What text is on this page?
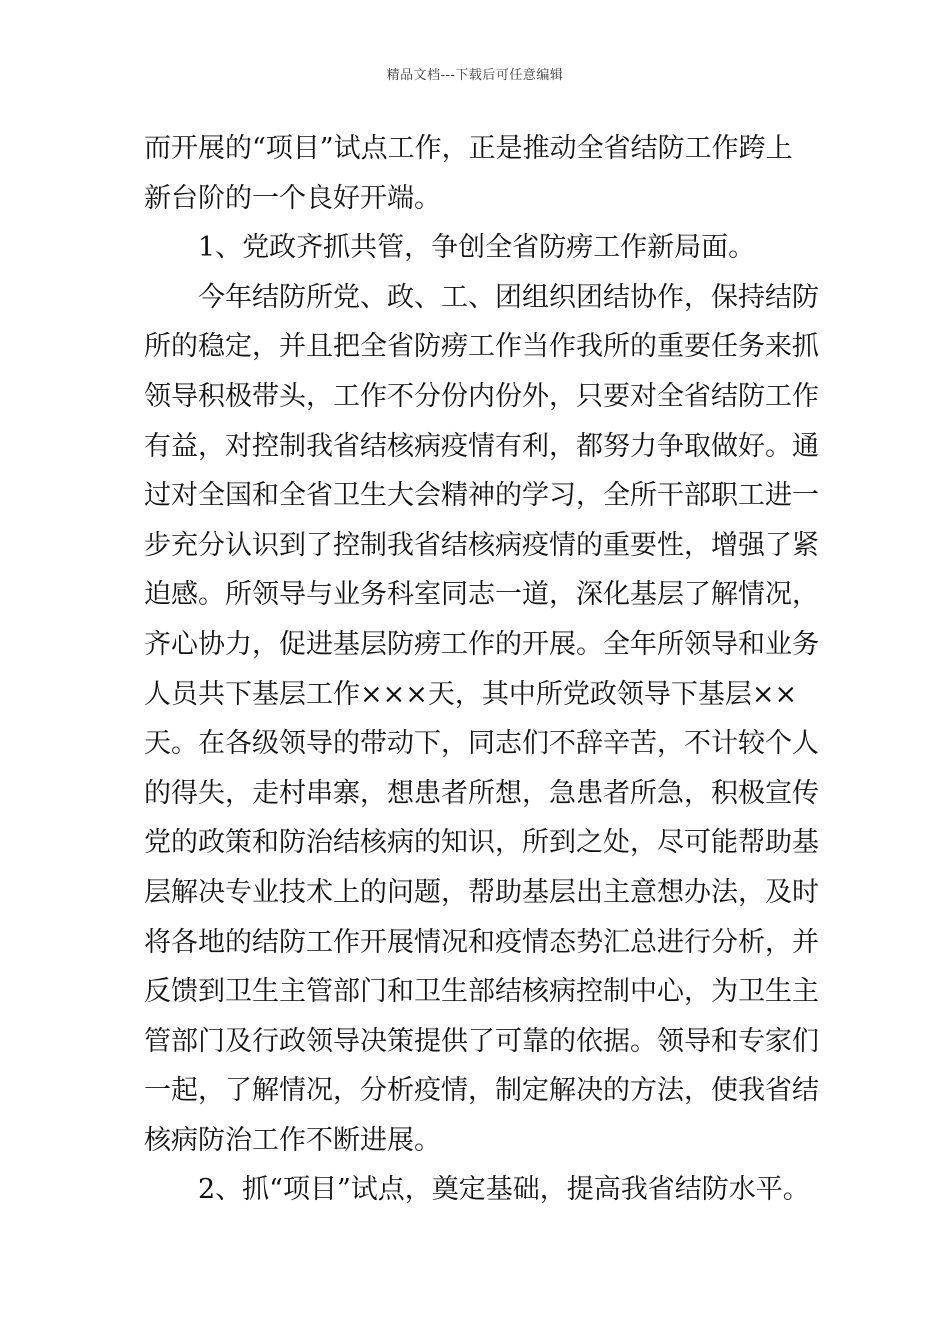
精品文档---下载后可任意编辑
而开展的“项目”试点工作，正是推动全省结防工作跨上
新台阶的一个良好开端。
1、党政齐抓共管，争创全省防痨工作新局面。
今年结防所党、政、工、团组织团结协作，保持结防
所的稳定，并且把全省防痨工作当作我所的重要任务来抓
领导积极带头，工作不分份内份外，只要对全省结防工作
有益，对控制我省结核病疫情有利，都努力争取做好。通
过对全国和全省卫生大会精神的学习，全所干部职工进一
步充分认识到了控制我省结核病疫情的重要性，增强了紧
迫感。所领导与业务科室同志一道，深化基层了解情况，
齐心协力，促进基层防痨工作的开展。全年所领导和业务
人员共下基层工作×××天，其中所党政领导下基层××
天。在各级领导的带动下，同志们不辞辛苦，不计较个人
的得失，走村串寨，想患者所想，急患者所急，积极宣传
党的政策和防治结核病的知识，所到之处，尽可能帮助基
层解决专业技术上的问题，帮助基层出主意想办法，及时
将各地的结防工作开展情况和疫情态势汇总进行分析，并
反馈到卫生主管部门和卫生部结核病控制中心，为卫生主
管部门及行政领导决策提供了可靠的依据。领导和专家们
一起，了解情况，分析疫情，制定解决的方法，使我省结
核病防治工作不断进展。
2、抓“项目”试点，奠定基础，提高我省结防水平。
